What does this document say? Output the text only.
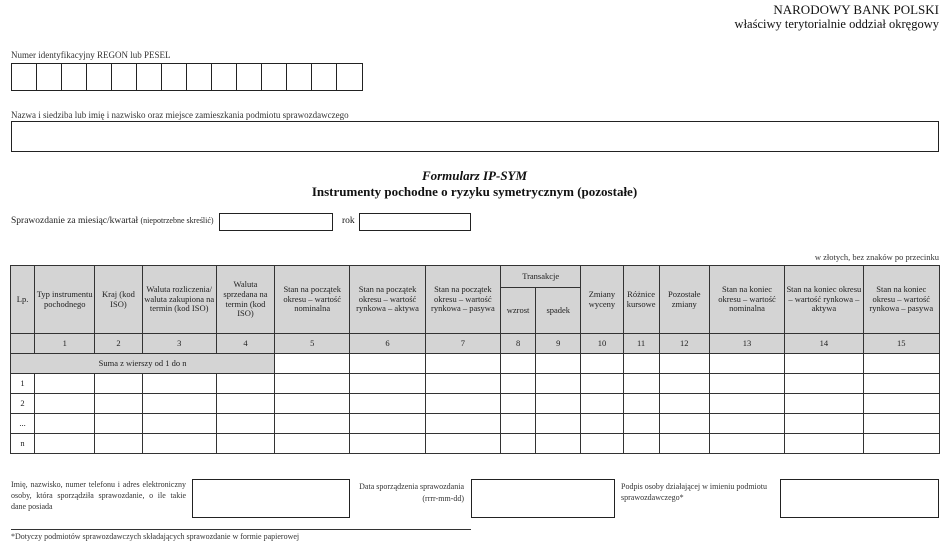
NARODOWY BANK POLSKI
właściwy terytorialnie oddział okręgowy
Numer identyfikacyjny REGON lub PESEL
Nazwa i siedziba lub imię i nazwisko oraz miejsce zamieszkania podmiotu sprawozdawczego
Formularz IP-SYM
Instrumenty pochodne o ryzyku symetrycznym (pozostałe)
Sprawozdanie za miesiąc/kwartał (niepotrzebne skreślić)	rok
w złotych, bez znaków po przecinku
Lp.	Typ instrumentu pochodnego	Kraj (kod ISO)	Waluta rozliczenia/ waluta zakupiona na termin (kod ISO)	Waluta sprzedana na termin (kod ISO)	Stan na początek okresu – wartość nominalna	Stan na początek okresu – wartość rynkowa – aktywa	Stan na początek okresu – wartość rynkowa – pasywa	Transakcje		Zmiany wyceny	Różnice kursowe	Pozostałe zmiany	Stan na koniec okresu – wartość nominalna	Stan na koniec okresu – wartość rynkowa – aktywa	Stan na koniec okresu – wartość rynkowa – pasywa
								wzrost	spadek						
	1	2	3	4	5	6	7	8	9	10	11	12	13	14	15
Suma z wierszy od 1 do n															
1															
2															
...															
n															
Imię, nazwisko, numer telefonu i adres elektroniczny osoby, która sporządziła sprawozdanie, o ile takie dane posiada
Data sporządzenia sprawozdania
(rrrr-mm-dd)
Podpis osoby działającej w imieniu podmiotu sprawozdawczego*
*Dotyczy podmiotów sprawozdawczych składających sprawozdanie w formie papierowej
